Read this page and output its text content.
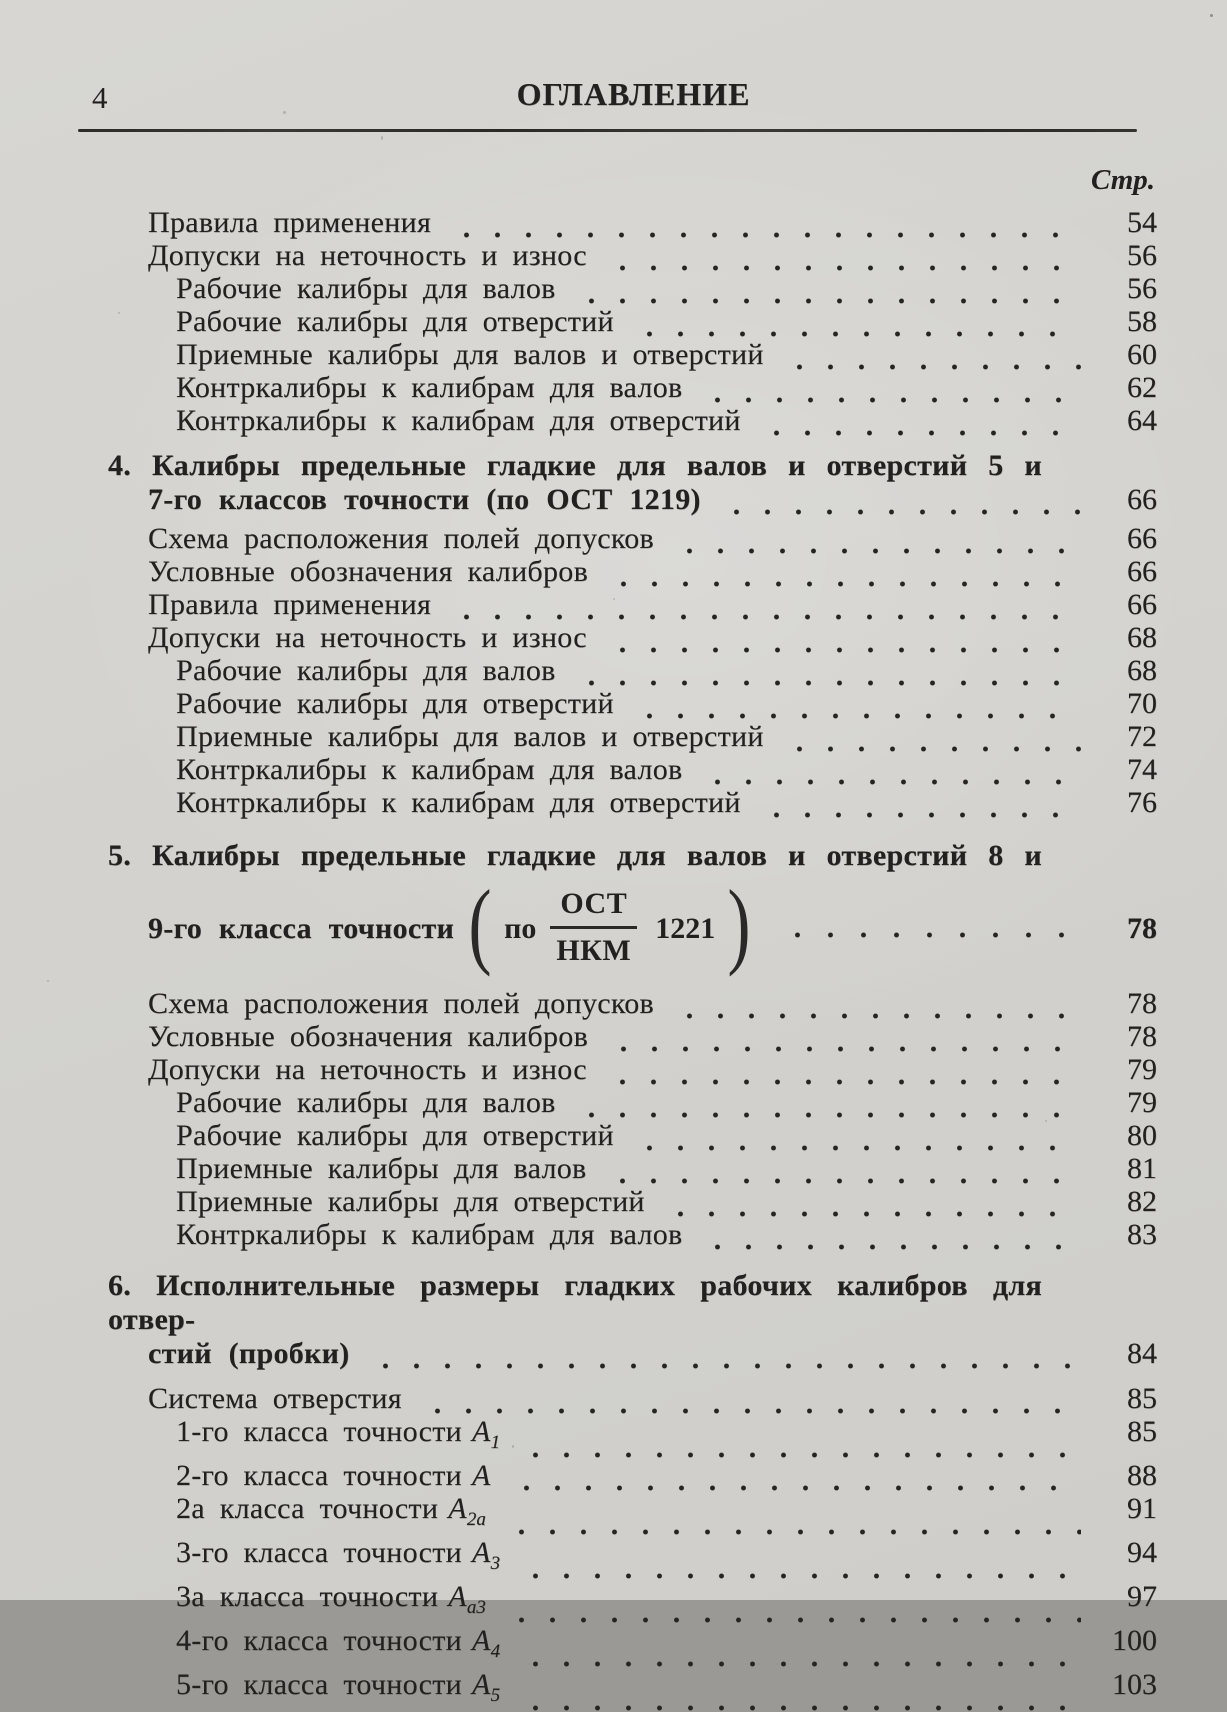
4	ОГЛАВЛЕНИЕ
Стр.
Правила применения	54
Допуски на неточность и износ	56
Рабочие калибры для валов	56
Рабочие калибры для отверстий	58
Приемные калибры для валов и отверстий	60
Контркалибры к калибрам для валов	62
Контркалибры к калибрам для отверстий	64
4. Калибры предельные гладкие для валов и отверстий 5 и
7-го классов точности (по ОСТ 1219)	66
Схема расположения полей допусков	66
Условные обозначения калибров	66
Правила применения	66
Допуски на неточность и износ	68
Рабочие калибры для валов	68
Рабочие калибры для отверстий	70
Приемные калибры для валов и отверстий	72
Контркалибры к калибрам для валов	74
Контркалибры к калибрам для отверстий	76
5. Калибры предельные гладкие для валов и отверстий 8 и
9-го класса точности ( по $\frac{\text{ОСТ}}{\text{НКМ}} 1221$ )	78
Схема расположения полей допусков	78
Условные обозначения калибров	78
Допуски на неточность и износ	79
Рабочие калибры для валов	79
Рабочие калибры для отверстий	80
Приемные калибры для валов	81
Приемные калибры для отверстий	82
Контркалибры к калибрам для валов	83
6. Исполнительные размеры гладких рабочих калибров для отвер-
стий (пробки)	84
Система отверстия	85
1-го класса точности $A_1$	85
2-го класса точности A	88
2а класса точности $A_{2a}$	91
3-го класса точности $A_3$	94
3а класса точности $A_{a3}$	97
4-го класса точности $A_4$	100
5-го класса точности $A_5$	103
